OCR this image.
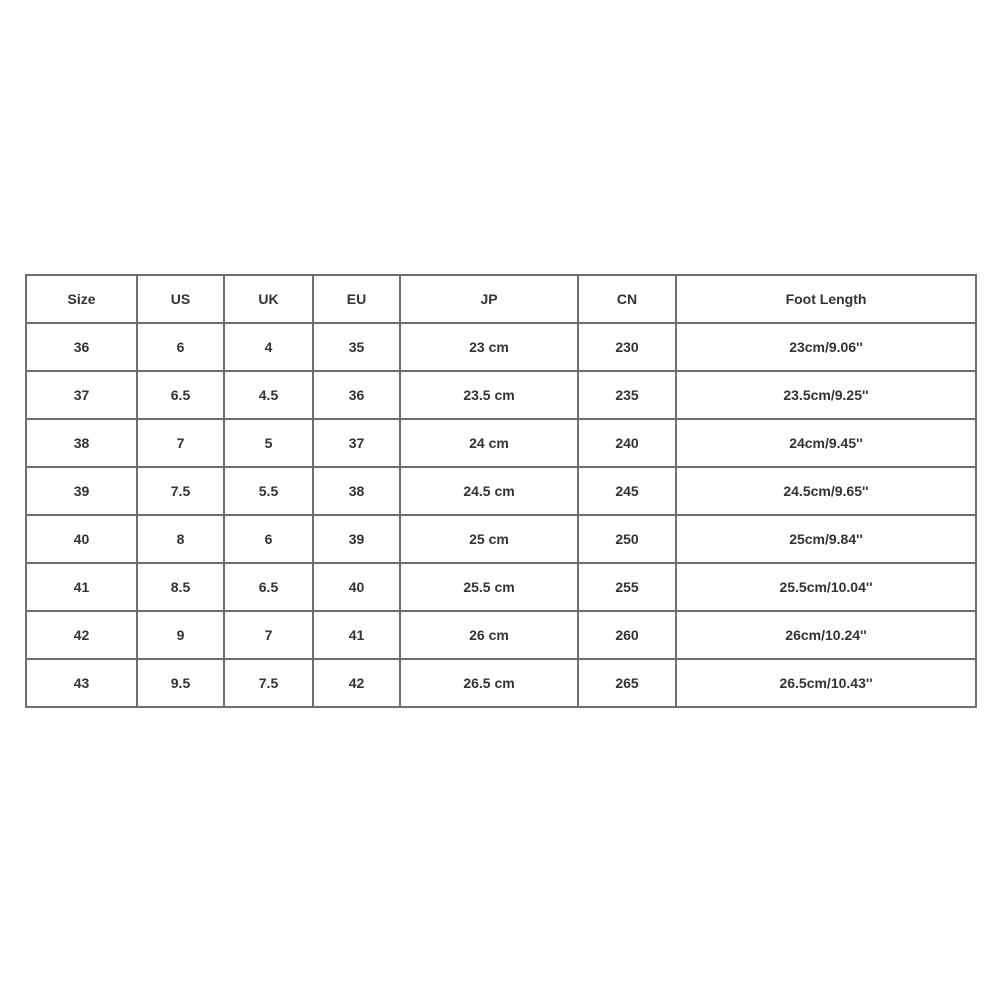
Size	US	UK	EU	JP	CN	Foot Length
36	6	4	35	23 cm	230	23cm/9.06''
37	6.5	4.5	36	23.5 cm	235	23.5cm/9.25''
38	7	5	37	24 cm	240	24cm/9.45''
39	7.5	5.5	38	24.5 cm	245	24.5cm/9.65''
40	8	6	39	25 cm	250	25cm/9.84''
41	8.5	6.5	40	25.5 cm	255	25.5cm/10.04''
42	9	7	41	26 cm	260	26cm/10.24''
43	9.5	7.5	42	26.5 cm	265	26.5cm/10.43''
